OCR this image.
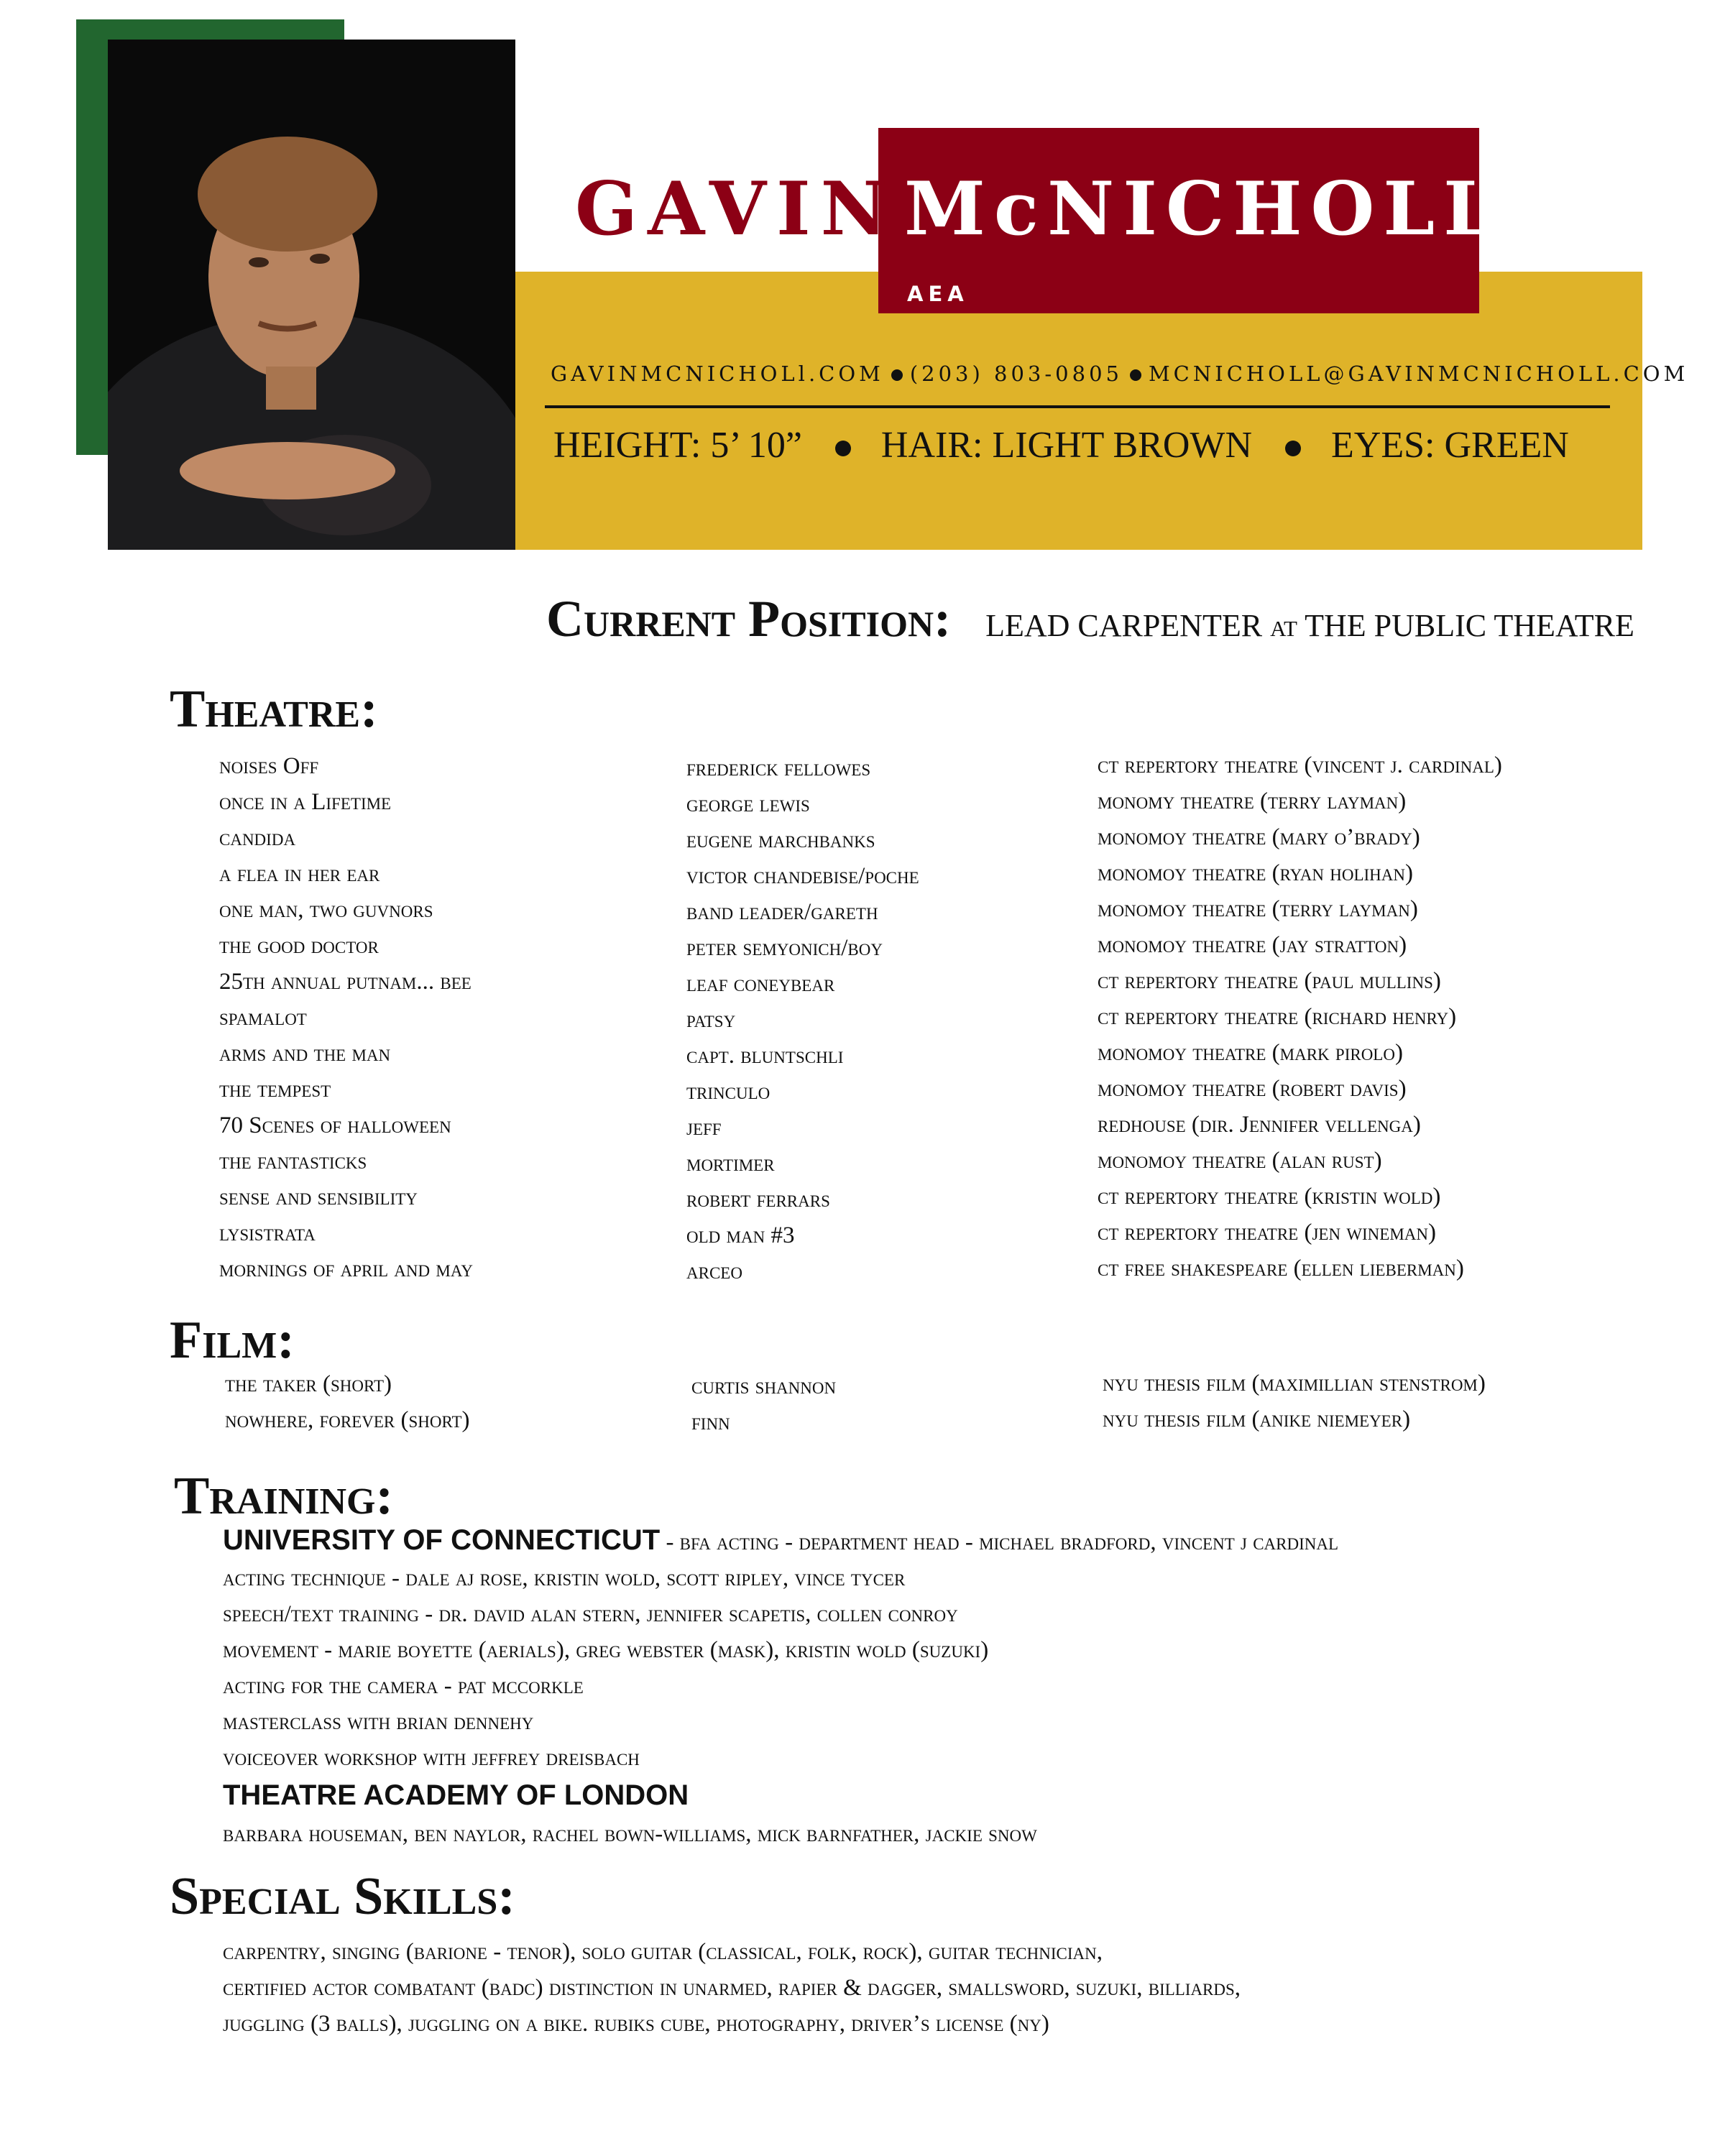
GAVIN McNICHOLL
AEA
GAVINMCNICHOLl.COM (203) 803-0805 MCNICHOLL@GAVINMCNICHOLL.COM
HEIGHT: 5’ 10” HAIR: LIGHT BROWN EYES: GREEN
Current Position: LEAD CARPENTER at THE PUBLIC THEATRE
Theatre:
noises Off	frederick fellowes	ct repertory theatre (vincent j. cardinal)
once in a Lifetime	george lewis	monomy theatre (terry layman)
candida	eugene marchbanks	monomoy theatre (mary o’brady)
a flea in her ear	victor chandebise/poche	monomoy theatre (ryan holihan)
one man, two guvnors	band leader/gareth	monomoy theatre (terry layman)
the good doctor	peter semyonich/boy	monomoy theatre (jay stratton)
25th annual putnam... bee	leaf coneybear	ct repertory theatre (paul mullins)
spamalot	patsy	ct repertory theatre (richard henry)
arms and the man	capt. bluntschli	monomoy theatre (mark pirolo)
the tempest	trinculo	monomoy theatre (robert davis)
70 Scenes of halloween	jeff	redhouse (dir. Jennifer vellenga)
the fantasticks	mortimer	monomoy theatre (alan rust)
sense and sensibility	robert ferrars	ct repertory theatre (kristin wold)
lysistrata	old man #3	ct repertory theatre (jen wineman)
mornings of april and may	arceo	ct free shakespeare (ellen lieberman)
Film:
the taker (short)	curtis shannon	nyu thesis film (maximillian stenstrom)
nowhere, forever (short)	finn	nyu thesis film (anike niemeyer)
Training:
UNIVERSITY OF CONNECTICUT - bfa acting - department head - michael bradford, vincent j cardinal
acting technique - dale aj rose, kristin wold, scott ripley, vince tycer
speech/text training - dr. david alan stern, jennifer scapetis, collen conroy
movement - marie boyette (aerials), greg webster (mask), kristin wold (suzuki)
acting for the camera - pat mccorkle
masterclass with brian dennehy
voiceover workshop with jeffrey dreisbach
THEATRE ACADEMY OF LONDON
barbara houseman, ben naylor, rachel bown-williams, mick barnfather, jackie snow
Special Skills:
carpentry, singing (barione - tenor), solo guitar (classical, folk, rock), guitar technician,
certified actor combatant (badc) distinction in unarmed, rapier & dagger, smallsword, suzuki, billiards,
juggling (3 balls), juggling on a bike. rubiks cube, photography, driver’s license (ny)
